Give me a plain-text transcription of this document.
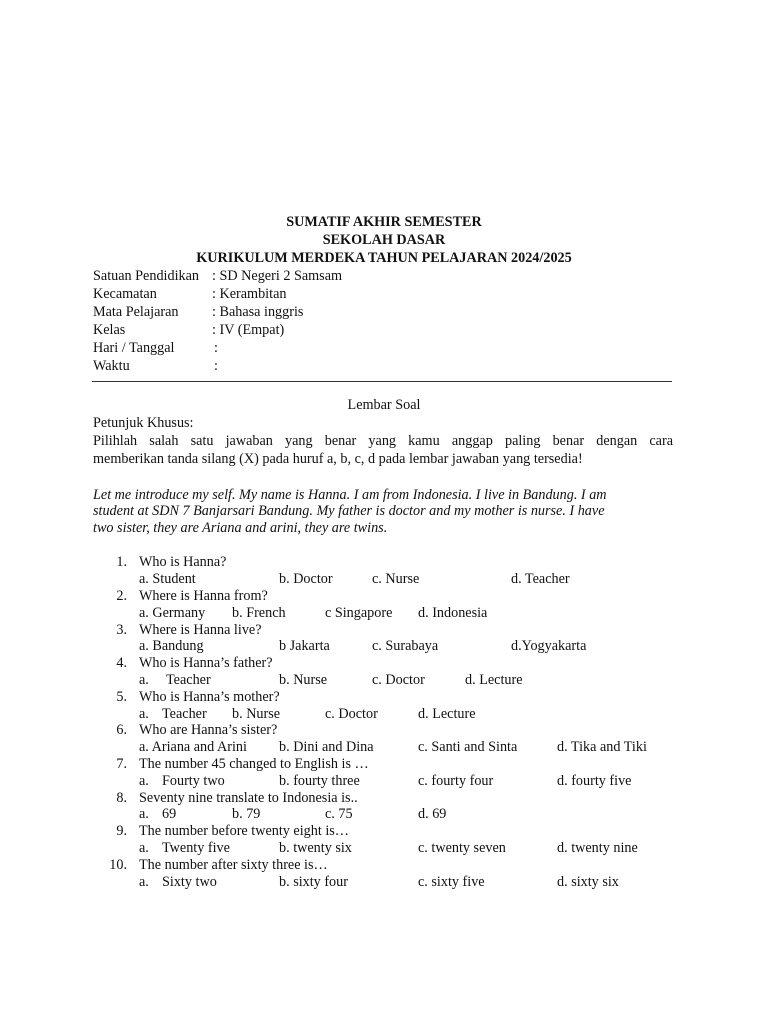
SUMATIF AKHIR SEMESTER
SEKOLAH DASAR
KURIKULUM MERDEKA TAHUN PELAJARAN 2024/2025
Satuan Pendidikan : SD Negeri 2 Samsam
Kecamatan	: Kerambitan
Mata Pelajaran : Bahasa inggris
Kelas	: IV (Empat)
Hari / Tanggal	:
Waktu	:
Lembar Soal
Petunjuk Khusus:
Pilihlah salah satu jawaban yang benar yang kamu anggap paling benar dengan cara
memberikan tanda silang (X) pada huruf a, b, c, d pada lembar jawaban yang tersedia!
Let me introduce my self. My name is Hanna. I am from Indonesia. I live in Bandung. I am
student at SDN 7 Banjarsari Bandung. My father is doctor and my mother is nurse. I have
two sister, they are Ariana and arini, they are twins.
1. Who is Hanna?
a. Student	b. Doctor	c. Nurse	d. Teacher
2. Where is Hanna from?
a. Germany b. French	c Singapore d. Indonesia
3. Where is Hanna live?
a. Bandung	b Jakarta	c. Surabaya	d.Yogyakarta
4. Who is Hanna’s father?
a. Teacher	b. Nurse	c. Doctor	d. Lecture
5. Who is Hanna’s mother?
a. Teacher b. Nurse	c. Doctor	d. Lecture
6. Who are Hanna’s sister?
a. Ariana and Arini b. Dini and Dina	c. Santi and Sinta	d. Tika and Tiki
7. The number 45 changed to English is …
a. Fourty two	b. fourty three	c. fourty four	d. fourty five
8. Seventy nine translate to Indonesia is..
a. 69	b. 79	c. 75	d. 69
9. The number before twenty eight is…
a. Twenty five	b. twenty six	c. twenty seven	d. twenty nine
10. The number after sixty three is…
a. Sixty two	b. sixty four	c. sixty five	d. sixty six
